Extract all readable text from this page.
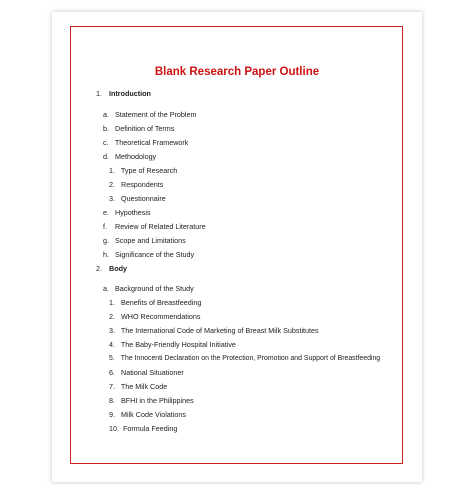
Blank Research Paper Outline
1. Introduction
a. Statement of the Problem
b. Definition of Terms
c. Theoretical Framework
d. Methodology
1. Type of Research
2. Respondents
3. Questionnaire
e. Hypothesis
f. Review of Related Literature
g. Scope and Limitations
h. Significance of the Study
2. Body
a. Background of the Study
1. Benefits of Breastfeeding
2. WHO Recommendations
3. The International Code of Marketing of Breast Milk Substitutes
4. The Baby-Friendly Hospital Initiative
5. The Innocenti Declaration on the Protection, Promotion and Support of Breastfeeding
6. National Situationer
7. The Milk Code
8. BFHI in the Philippines
9. Milk Code Violations
10. Formula Feeding
